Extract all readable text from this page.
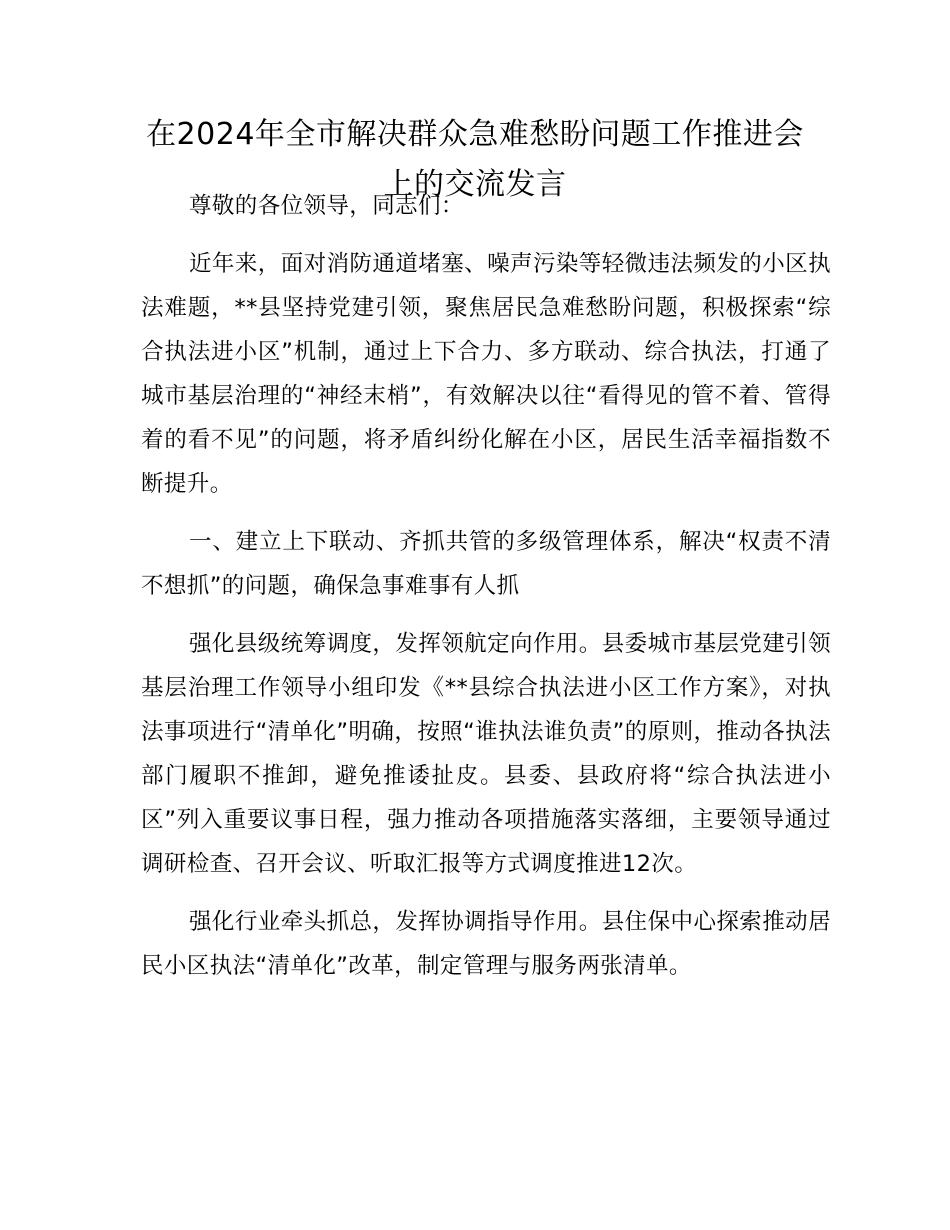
在2024年全市解决群众急难愁盼问题工作推进会上的交流发言

尊敬的各位领导，同志们：

近年来，面对消防通道堵塞、噪声污染等轻微违法频发的小区执法难题，**县坚持党建引领，聚焦居民急难愁盼问题，积极探索“综合执法进小区”机制，通过上下合力、多方联动、综合执法，打通了城市基层治理的“神经末梢”，有效解决以往“看得见的管不着、管得着的看不见”的问题，将矛盾纠纷化解在小区，居民生活幸福指数不断提升。

一、建立上下联动、齐抓共管的多级管理体系，解决“权责不清不想抓”的问题，确保急事难事有人抓

强化县级统筹调度，发挥领航定向作用。县委城市基层党建引领基层治理工作领导小组印发《**县综合执法进小区工作方案》，对执法事项进行“清单化”明确，按照“谁执法谁负责”的原则，推动各执法部门履职不推卸，避免推诿扯皮。县委、县政府将“综合执法进小区”列入重要议事日程，强力推动各项措施落实落细，主要领导通过调研检查、召开会议、听取汇报等方式调度推进12次。

强化行业牵头抓总，发挥协调指导作用。县住保中心探索推动居民小区执法“清单化”改革，制定管理与服务两张清单。
